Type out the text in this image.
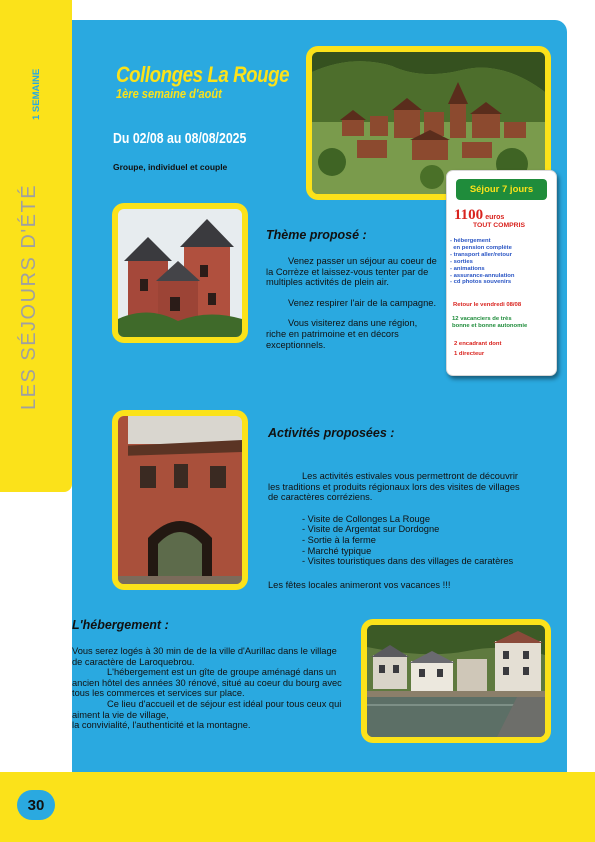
LES SÉJOURS D'ÉTÉ
1 SEMAINE
30
Collonges La Rouge
1ère semaine d'août
Du 02/08 au 08/08/2025
Groupe, individuel et couple
Séjour 7 jours
1100 euros
TOUT COMPRIS
- hébergement
en pension complète
- transport aller/retour
- sorties
- animations
- assurance-annulation
- cd photos souvenirs
Retour le vendredi 08/08
12 vacanciers de très
bonne et bonne autonomie
2 encadrant dont
1 directeur
Thème proposé :

Venez passer un séjour au coeur de la Corrèze et laissez-vous tenter par de multiples activités de plein air.

Venez respirer l'air de la campagne.

Vous visiterez dans une région, riche en patrimoine et en décors exceptionnels.

Activités proposées :

Les activités estivales vous permettront de découvrir les traditions et produits régionaux lors des visites de villages de caractères corréziens.

- Visite de Collonges La Rouge

- Visite de Argentat sur Dordogne

- Sortie à la ferme

- Marché typique

- Visites touristiques dans des villages de caratères

Les fêtes locales animeront vos vacances !!!

L'hébergement :

Vous serez logés à 30 min de de la ville d'Aurillac dans le village de caractère de Laroquebrou.

L'hébergement est un gîte de groupe aménagé dans un ancien hôtel des années 30 rénové, situé au coeur du bourg avec tous les commerces et services sur place.

Ce lieu d'accueil et de séjour est idéal pour tous ceux qui aiment la vie de village,

la convivialité, l'authenticité et la montagne.
